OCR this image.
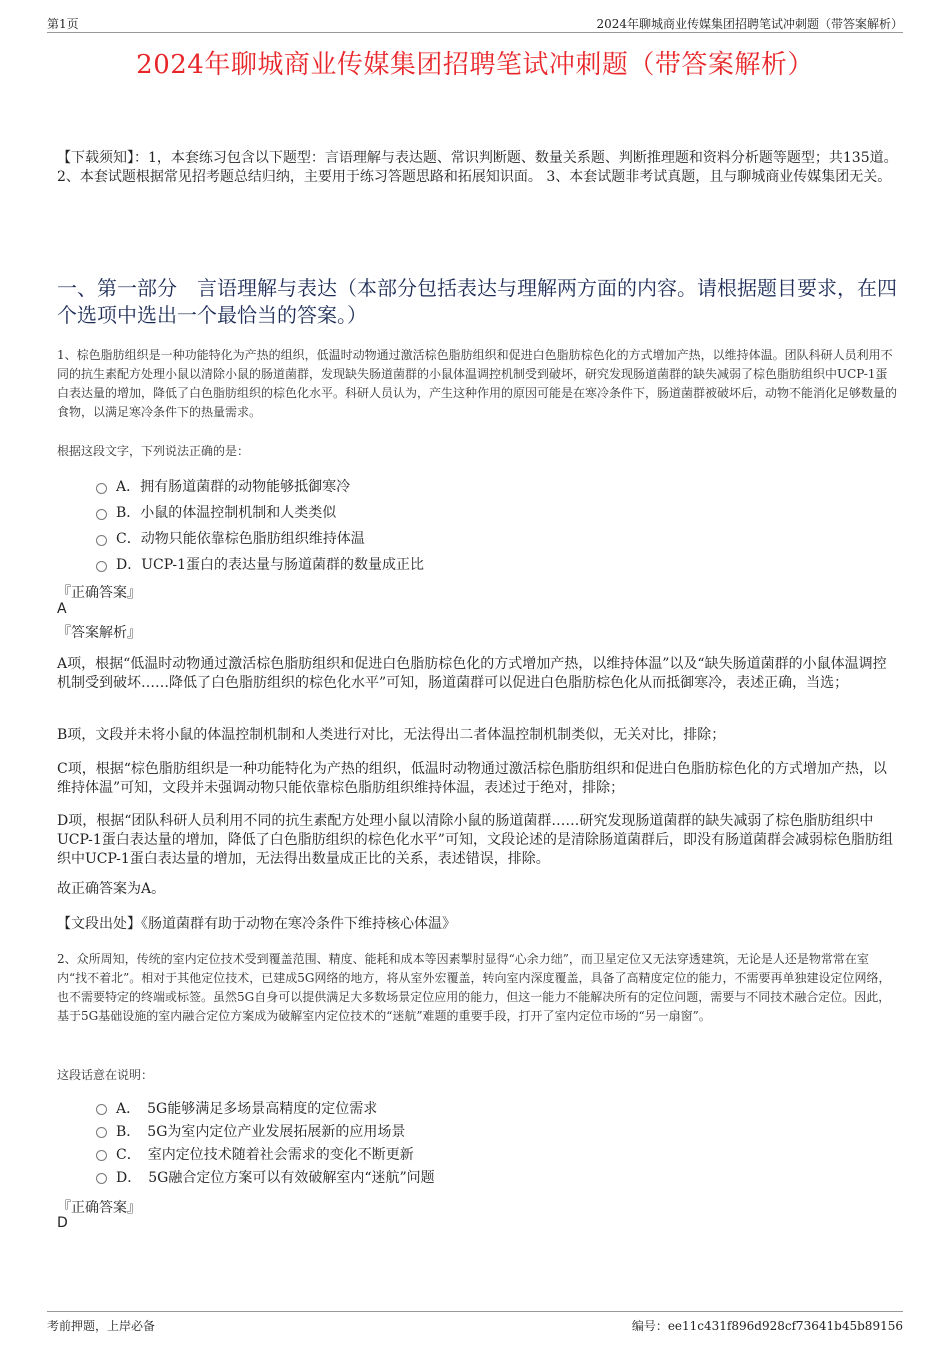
第1页	2024年聊城商业传媒集团招聘笔试冲刺题（带答案解析）
2024年聊城商业传媒集团招聘笔试冲刺题（带答案解析）
【下载须知】：1，本套练习包含以下题型：言语理解与表达题、常识判断题、数量关系题、判断推理题和资料分析题等题型；共135道。 2、本套试题根据常见招考题总结归纳，主要用于练习答题思路和拓展知识面。 3、本套试题非考试真题，且与聊城商业传媒集团无关。
一、第一部分　言语理解与表达（本部分包括表达与理解两方面的内容。请根据题目要求，在四个选项中选出一个最恰当的答案。）
1、棕色脂肪组织是一种功能特化为产热的组织，低温时动物通过激活棕色脂肪组织和促进白色脂肪棕色化的方式增加产热，以维持体温。团队科研人员利用不同的抗生素配方处理小鼠以清除小鼠的肠道菌群，发现缺失肠道菌群的小鼠体温调控机制受到破坏，研究发现肠道菌群的缺失减弱了棕色脂肪组织中UCP-1蛋白表达量的增加，降低了白色脂肪组织的棕色化水平。科研人员认为，产生这种作用的原因可能是在寒冷条件下，肠道菌群被破坏后，动物不能消化足够数量的食物，以满足寒冷条件下的热量需求。
根据这段文字，下列说法正确的是：
A．拥有肠道菌群的动物能够抵御寒冷
B．小鼠的体温控制机制和人类类似
C．动物只能依靠棕色脂肪组织维持体温
D．UCP-1蛋白的表达量与肠道菌群的数量成正比
『正确答案』
A
『答案解析』
A项，根据“低温时动物通过激活棕色脂肪组织和促进白色脂肪棕色化的方式增加产热，以维持体温”以及“缺失肠道菌群的小鼠体温调控机制受到破坏……降低了白色脂肪组织的棕色化水平”可知，肠道菌群可以促进白色脂肪棕色化从而抵御寒冷，表述正确，当选；
B项，文段并未将小鼠的体温控制机制和人类进行对比，无法得出二者体温控制机制类似，无关对比，排除；
C项，根据“棕色脂肪组织是一种功能特化为产热的组织，低温时动物通过激活棕色脂肪组织和促进白色脂肪棕色化的方式增加产热，以维持体温”可知，文段并未强调动物只能依靠棕色脂肪组织维持体温，表述过于绝对，排除；
D项，根据“团队科研人员利用不同的抗生素配方处理小鼠以清除小鼠的肠道菌群……研究发现肠道菌群的缺失减弱了棕色脂肪组织中UCP-1蛋白表达量的增加，降低了白色脂肪组织的棕色化水平”可知，文段论述的是清除肠道菌群后，即没有肠道菌群会减弱棕色脂肪组织中UCP-1蛋白表达量的增加，无法得出数量成正比的关系，表述错误，排除。
故正确答案为A。
【文段出处】《肠道菌群有助于动物在寒冷条件下维持核心体温》
2、众所周知，传统的室内定位技术受到覆盖范围、精度、能耗和成本等因素掣肘显得“心余力绌”，而卫星定位又无法穿透建筑，无论是人还是物常常在室内“找不着北”。相对于其他定位技术，已建成5G网络的地方，将从室外宏覆盖，转向室内深度覆盖，具备了高精度定位的能力，不需要再单独建设定位网络，也不需要特定的终端或标签。虽然5G自身可以提供满足大多数场景定位应用的能力，但这一能力不能解决所有的定位问题，需要与不同技术融合定位。因此，基于5G基础设施的室内融合定位方案成为破解室内定位技术的“迷航”难题的重要手段，打开了室内定位市场的“另一扇窗”。
这段话意在说明：
A．　5G能够满足多场景高精度的定位需求
B．　5G为室内定位产业发展拓展新的应用场景
C．　室内定位技术随着社会需求的变化不断更新
D．　5G融合定位方案可以有效破解室内“迷航”问题
『正确答案』
D
考前押题，上岸必备	编号：ee11c431f896d928cf73641b45b89156
